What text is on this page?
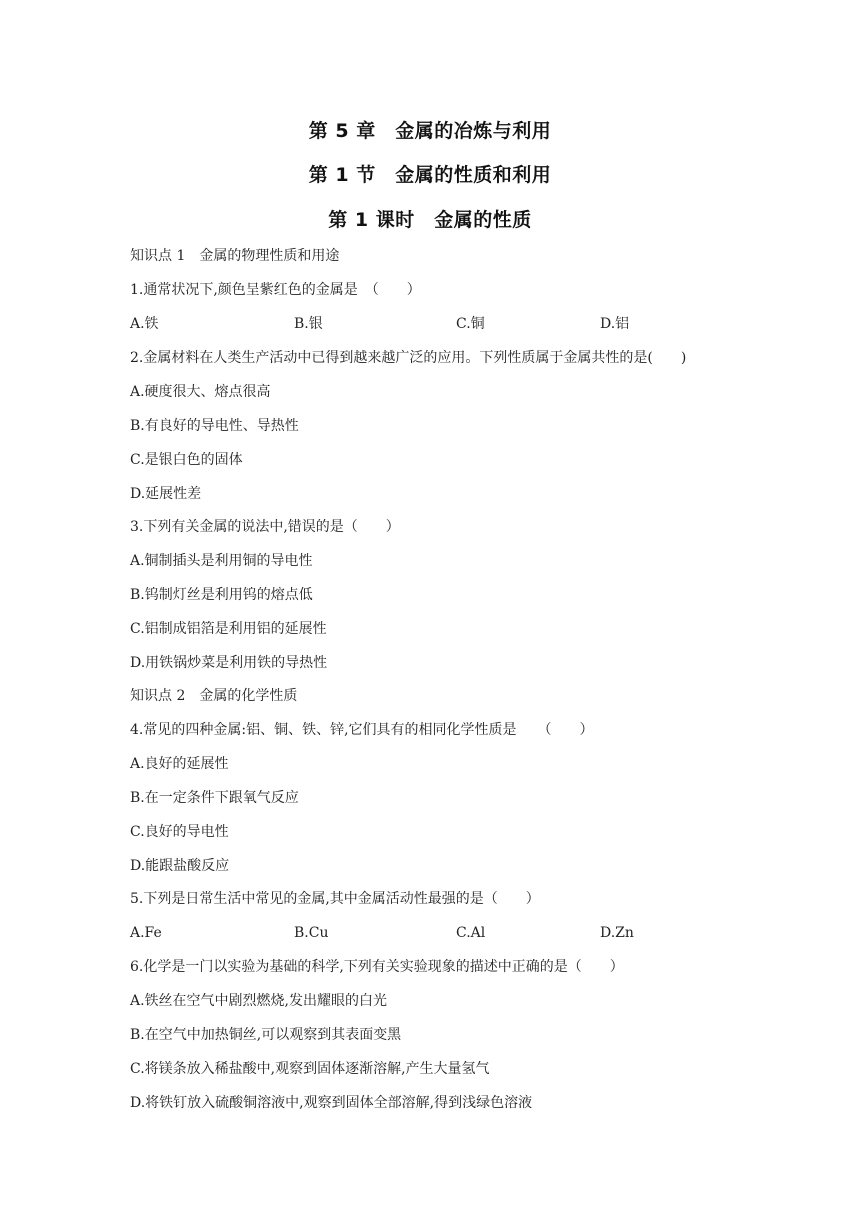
第 5 章　金属的冶炼与利用
第 1 节　金属的性质和利用
第 1 课时　金属的性质
知识点 1　金属的物理性质和用途
1.通常状况下,颜色呈紫红色的金属是　（　　）
A.铁	B.银	C.铜	D.铝
2.金属材料在人类生产活动中已得到越来越广泛的应用。下列性质属于金属共性的是(　　)
A.硬度很大、熔点很高
B.有良好的导电性、导热性
C.是银白色的固体
D.延展性差
3.下列有关金属的说法中,错误的是（　　）
A.铜制插头是利用铜的导电性
B.钨制灯丝是利用钨的熔点低
C.铝制成铝箔是利用铝的延展性
D.用铁锅炒菜是利用铁的导热性
知识点 2　金属的化学性质
4.常见的四种金属:铝、铜、铁、锌,它们具有的相同化学性质是　　（　　）
A.良好的延展性
B.在一定条件下跟氧气反应
C.良好的导电性
D.能跟盐酸反应
5.下列是日常生活中常见的金属,其中金属活动性最强的是（　　）
A.Fe	B.Cu	C.Al	D.Zn
6.化学是一门以实验为基础的科学,下列有关实验现象的描述中正确的是（　　）
A.铁丝在空气中剧烈燃烧,发出耀眼的白光
B.在空气中加热铜丝,可以观察到其表面变黑
C.将镁条放入稀盐酸中,观察到固体逐渐溶解,产生大量氢气
D.将铁钉放入硫酸铜溶液中,观察到固体全部溶解,得到浅绿色溶液
